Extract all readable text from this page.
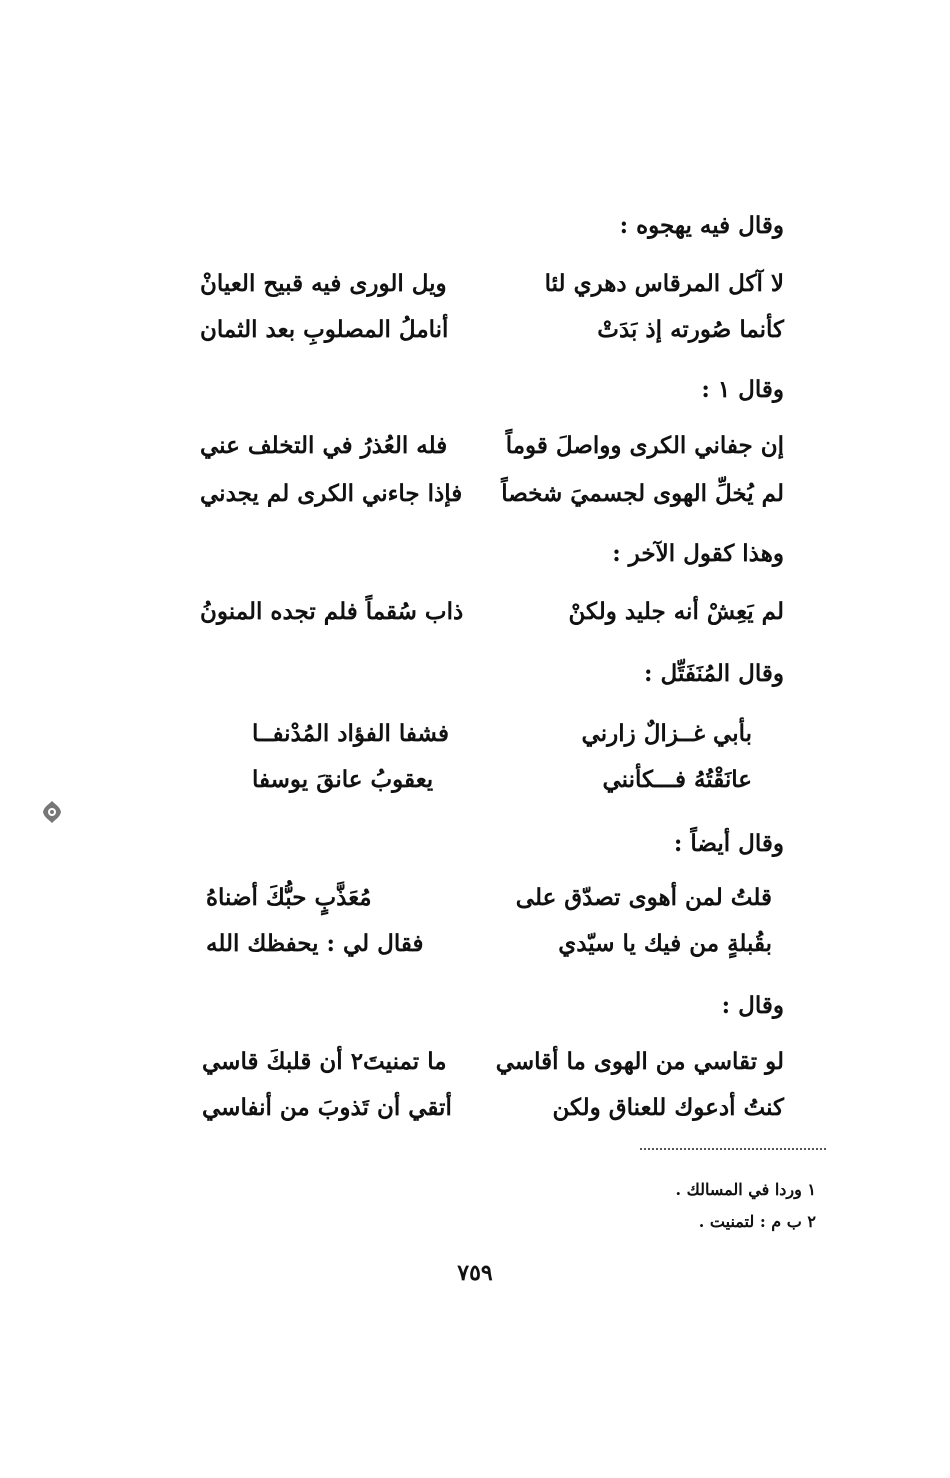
وقال فيه يهجوه :
لا آكل المرقاس دهري لئا
ويل الورى فيه قبيح العيانْ
كأنما صُورته إذ بَدَتْ
أناملُ المصلوبِ بعد الثمان
وقال ١ :
إن جفاني الكرى وواصلَ قوماً
فله العُذرُ في التخلف عني
لم يُخلِّ الهوى لجسميَ شخصاً
فإذا جاءني الكرى لم يجدني
وهذا كقول الآخر :
لم يَعِشْ أنه جليد ولكنْ
ذاب سُقماً فلم تجده المنونُ
وقال المُنَفَتِّل :
بأبي غــزالٌ زارني
فشفا الفؤاد المُدْنفــا
عانَقْتُهُ فـــكأنني
يعقوبُ عانقَ يوسفا
وقال أيضاً :
قلتُ لمن أهوى تصدّق على
مُعَذَّبٍ حبُّكَ أضناهُ
بقُبلةٍ من فيك يا سيّدي
فقال لي : يحفظك الله
وقال :
لو تقاسي من الهوى ما أقاسي
ما تمنيتَ٢ أن قلبكَ قاسي
كنتُ أدعوك للعناق ولكن
أتقي أن تَذوبَ من أنفاسي
١ وردا في المسالك .
٢ ب م : لتمنيت .
٧٥٩
